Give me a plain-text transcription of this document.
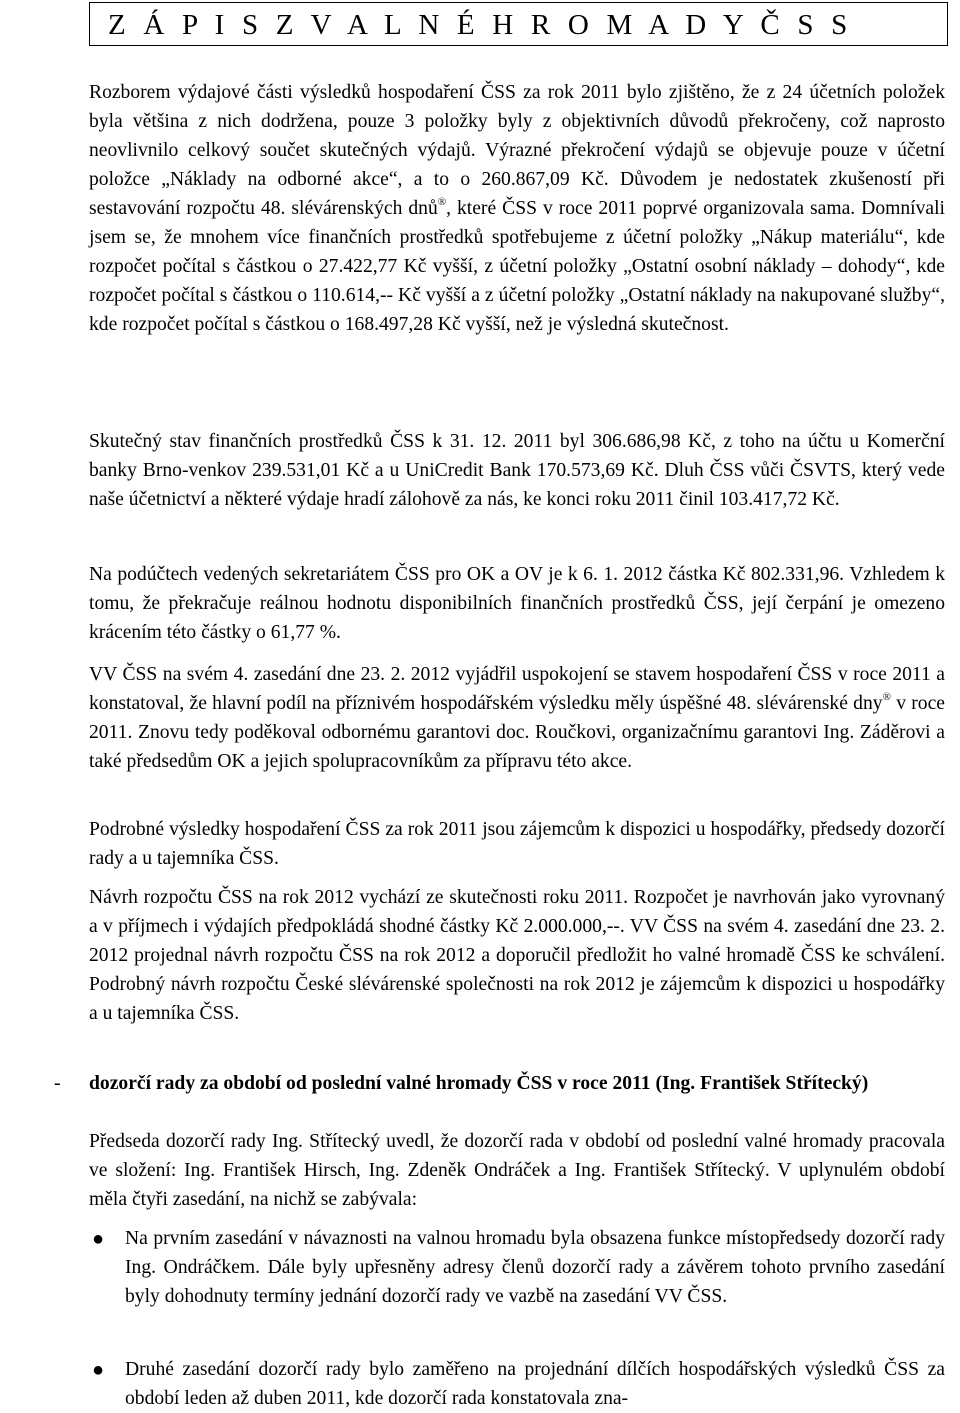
Z Á P I S Z V A L N É H R O M A D Y Č S S
Rozborem výdajové části výsledků hospodaření ČSS za rok 2011 bylo zjištěno, že z 24 účetních položek byla většina z nich dodržena, pouze 3 položky byly z objektivních důvodů překročeny, což naprosto neovlivnilo celkový součet skutečných výdajů. Výrazné překročení výdajů se objevuje pouze v účetní položce „Náklady na odborné akce“, a to o 260.867,09 Kč. Důvodem je nedostatek zkušeností při sestavování rozpočtu 48. slévárenských dnů®, které ČSS v roce 2011 poprvé organizovala sama. Domnívali jsem se, že mnohem více finančních prostředků spotřebujeme z účetní položky „Nákup materiálu“, kde rozpočet počítal s částkou o 27.422,77 Kč vyšší, z účetní položky „Ostatní osobní náklady – dohody“, kde rozpočet počítal s částkou o 110.614,-- Kč vyšší a z účetní položky „Ostatní náklady na nakupované služby“, kde rozpočet počítal s částkou o 168.497,28 Kč vyšší, než je výsledná skutečnost.
Skutečný stav finančních prostředků ČSS k 31. 12. 2011 byl 306.686,98 Kč, z toho na účtu u Komerční banky Brno-venkov 239.531,01 Kč a u UniCredit Bank 170.573,69 Kč. Dluh ČSS vůči ČSVTS, který vede naše účetnictví a některé výdaje hradí zálohově za nás, ke konci roku 2011 činil 103.417,72 Kč.
Na podúčtech vedených sekretariátem ČSS pro OK a OV je k 6. 1. 2012 částka Kč 802.331,96. Vzhledem k tomu, že překračuje reálnou hodnotu disponibilních finančních prostředků ČSS, její čerpání je omezeno krácením této částky o 61,77 %.
VV ČSS na svém 4. zasedání dne 23. 2. 2012 vyjádřil uspokojení se stavem hospodaření ČSS v roce 2011 a konstatoval, že hlavní podíl na příznivém hospodářském výsledku měly úspěšné 48. slévárenské dny® v roce 2011. Znovu tedy poděkoval odbornému garantovi doc. Roučkovi, organizačnímu garantovi Ing. Záděrovi a také předsedům OK a jejich spolupracovníkům za přípravu této akce.
Podrobné výsledky hospodaření ČSS za rok 2011 jsou zájemcům k dispozici u hospodářky, předsedy dozorčí rady a u tajemníka ČSS.
Návrh rozpočtu ČSS na rok 2012 vychází ze skutečnosti roku 2011. Rozpočet je navrhován jako vyrovnaný a v příjmech i výdajích předpokládá shodné částky Kč 2.000.000,--. VV ČSS na svém 4. zasedání dne 23. 2. 2012 projednal návrh rozpočtu ČSS na rok 2012 a doporučil předložit ho valné hromadě ČSS ke schválení. Podrobný návrh rozpočtu České slévárenské společnosti na rok 2012 je zájemcům k dispozici u hospodářky a u tajemníka ČSS.
- dozorčí rady za období od poslední valné hromady ČSS v roce 2011 (Ing. František Střítecký)
Předseda dozorčí rady Ing. Střítecký uvedl, že dozorčí rada v období od poslední valné hromady pracovala ve složení: Ing. František Hirsch, Ing. Zdeněk Ondráček a Ing. František Střítecký. V uplynulém období měla čtyři zasedání, na nichž se zabývala:
● Na prvním zasedání v návaznosti na valnou hromadu byla obsazena funkce místopředsedy dozorčí rady Ing. Ondráčkem. Dále byly upřesněny adresy členů dozorčí rady a závěrem tohoto prvního zasedání byly dohodnuty termíny jednání dozorčí rady ve vazbě na zasedání VV ČSS.
● Druhé zasedání dozorčí rady bylo zaměřeno na projednání dílčích hospodářských výsledků ČSS za období leden až duben 2011, kde dozorčí rada konstatovala zna-
